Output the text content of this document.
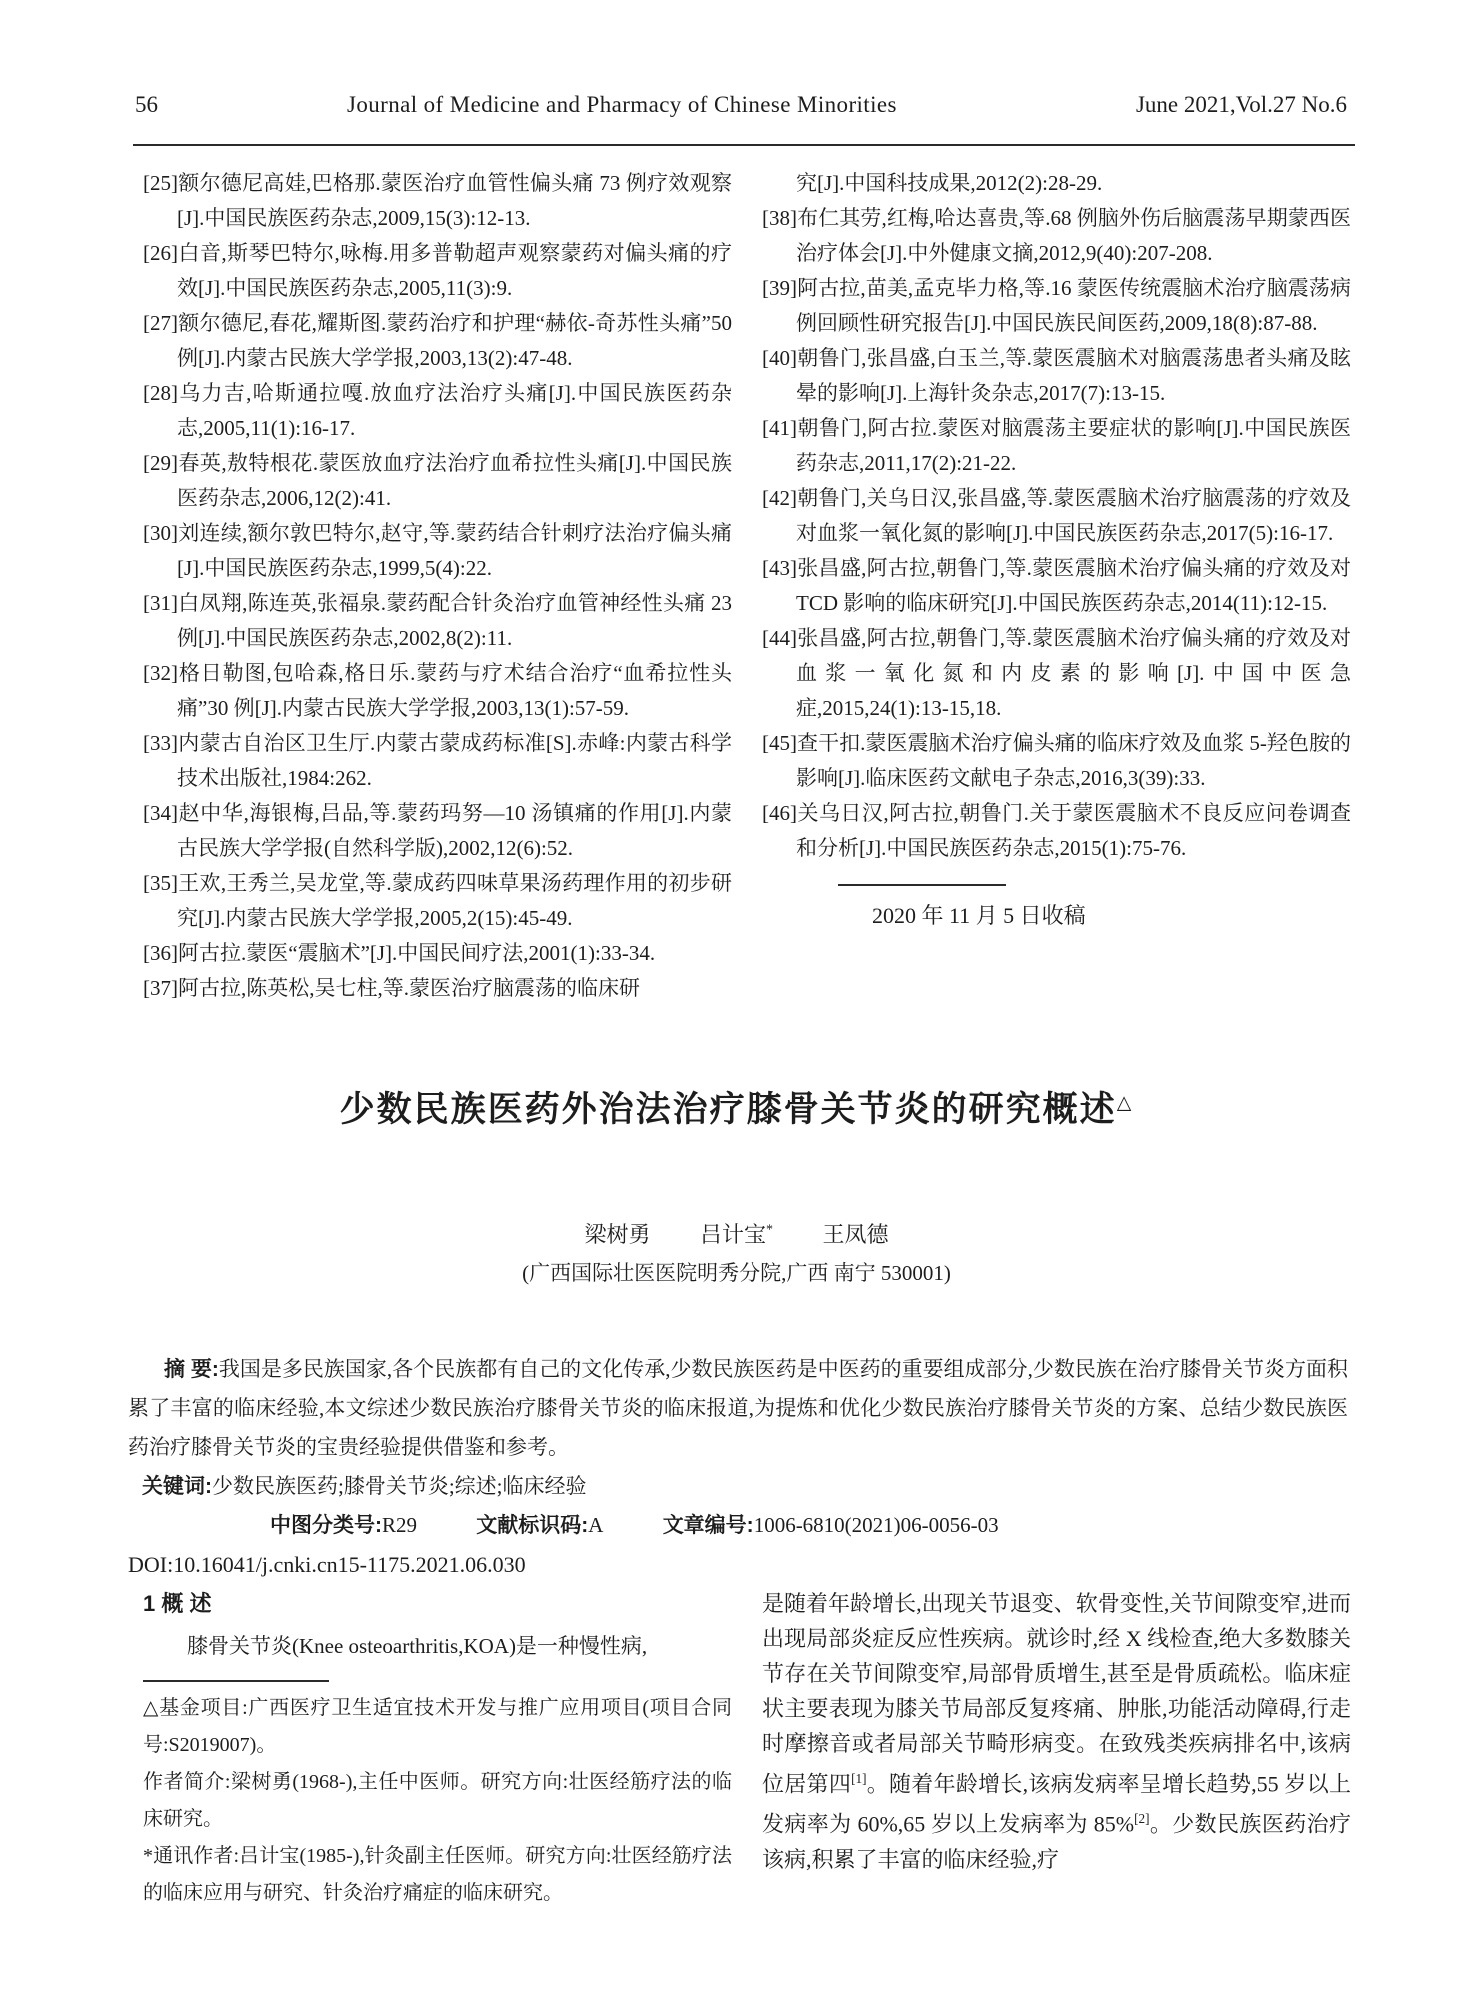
56	Journal of Medicine and Pharmacy of Chinese Minorities	June 2021,Vol.27 No.6
[25]额尔德尼高娃,巴格那.蒙医治疗血管性偏头痛 73 例疗效观察[J].中国民族医药杂志,2009,15(3):12-13.
[26]白音,斯琴巴特尔,咏梅.用多普勒超声观察蒙药对偏头痛的疗效[J].中国民族医药杂志,2005,11(3):9.
[27]额尔德尼,春花,耀斯图.蒙药治疗和护理“赫依-奇苏性头痛”50 例[J].内蒙古民族大学学报,2003,13(2):47-48.
[28]乌力吉,哈斯通拉嘎.放血疗法治疗头痛[J].中国民族医药杂志,2005,11(1):16-17.
[29]春英,敖特根花.蒙医放血疗法治疗血希拉性头痛[J].中国民族医药杂志,2006,12(2):41.
[30]刘连续,额尔敦巴特尔,赵守,等.蒙药结合针刺疗法治疗偏头痛[J].中国民族医药杂志,1999,5(4):22.
[31]白凤翔,陈连英,张福泉.蒙药配合针灸治疗血管神经性头痛 23 例[J].中国民族医药杂志,2002,8(2):11.
[32]格日勒图,包哈森,格日乐.蒙药与疗术结合治疗“血希拉性头痛”30 例[J].内蒙古民族大学学报,2003,13(1):57-59.
[33]内蒙古自治区卫生厅.内蒙古蒙成药标准[S].赤峰:内蒙古科学技术出版社,1984:262.
[34]赵中华,海银梅,吕品,等.蒙药玛努—10 汤镇痛的作用[J].内蒙古民族大学学报(自然科学版),2002,12(6):52.
[35]王欢,王秀兰,吴龙堂,等.蒙成药四味草果汤药理作用的初步研究[J].内蒙古民族大学学报,2005,2(15):45-49.
[36]阿古拉.蒙医“震脑术”[J].中国民间疗法,2001(1):33-34.
[37]阿古拉,陈英松,吴七柱,等.蒙医治疗脑震荡的临床研
究[J].中国科技成果,2012(2):28-29.
[38]布仁其劳,红梅,哈达喜贵,等.68 例脑外伤后脑震荡早期蒙西医治疗体会[J].中外健康文摘,2012,9(40):207-208.
[39]阿古拉,苗美,孟克毕力格,等.16 蒙医传统震脑术治疗脑震荡病例回顾性研究报告[J].中国民族民间医药,2009,18(8):87-88.
[40]朝鲁门,张昌盛,白玉兰,等.蒙医震脑术对脑震荡患者头痛及眩晕的影响[J].上海针灸杂志,2017(7):13-15.
[41]朝鲁门,阿古拉.蒙医对脑震荡主要症状的影响[J].中国民族医药杂志,2011,17(2):21-22.
[42]朝鲁门,关乌日汉,张昌盛,等.蒙医震脑术治疗脑震荡的疗效及对血浆一氧化氮的影响[J].中国民族医药杂志,2017(5):16-17.
[43]张昌盛,阿古拉,朝鲁门,等.蒙医震脑术治疗偏头痛的疗效及对 TCD 影响的临床研究[J].中国民族医药杂志,2014(11):12-15.
[44]张昌盛,阿古拉,朝鲁门,等.蒙医震脑术治疗偏头痛的疗效及对血浆一氧化氮和内皮素的影响[J].中国中医急症,2015,24(1):13-15,18.
[45]查干扣.蒙医震脑术治疗偏头痛的临床疗效及血浆 5-羟色胺的影响[J].临床医药文献电子杂志,2016,3(39):33.
[46]关乌日汉,阿古拉,朝鲁门.关于蒙医震脑术不良反应问卷调查和分析[J].中国民族医药杂志,2015(1):75-76.
2020 年 11 月 5 日收稿
少数民族医药外治法治疗膝骨关节炎的研究概述△
梁树勇 吕计宝* 王凤德
(广西国际壮医医院明秀分院,广西 南宁 530001)

摘 要:我国是多民族国家,各个民族都有自己的文化传承,少数民族医药是中医药的重要组成部分,少数民族在治疗膝骨关节炎方面积累了丰富的临床经验,本文综述少数民族治疗膝骨关节炎的临床报道,为提炼和优化少数民族治疗膝骨关节炎的方案、总结少数民族医药治疗膝骨关节炎的宝贵经验提供借鉴和参考。

关键词:少数民族医药;膝骨关节炎;综述;临床经验

中图分类号:R29	文献标识码:A	文章编号:1006-6810(2021)06-0056-03

DOI:10.16041/j.cnki.cn15-1175.2021.06.030

1 概 述

膝骨关节炎(Knee osteoarthritis,KOA)是一种慢性病,

△基金项目:广西医疗卫生适宜技术开发与推广应用项目(项目合同号:S2019007)。

作者简介:梁树勇(1968-),主任中医师。研究方向:壮医经筋疗法的临床研究。

*通讯作者:吕计宝(1985-),针灸副主任医师。研究方向:壮医经筋疗法的临床应用与研究、针灸治疗痛症的临床研究。

是随着年龄增长,出现关节退变、软骨变性,关节间隙变窄,进而出现局部炎症反应性疾病。就诊时,经 X 线检查,绝大多数膝关节存在关节间隙变窄,局部骨质增生,甚至是骨质疏松。临床症状主要表现为膝关节局部反复疼痛、肿胀,功能活动障碍,行走时摩擦音或者局部关节畸形病变。在致残类疾病排名中,该病位居第四[1]。随着年龄增长,该病发病率呈增长趋势,55 岁以上发病率为 60%,65 岁以上发病率为 85%[2]。少数民族医药治疗该病,积累了丰富的临床经验,疗
